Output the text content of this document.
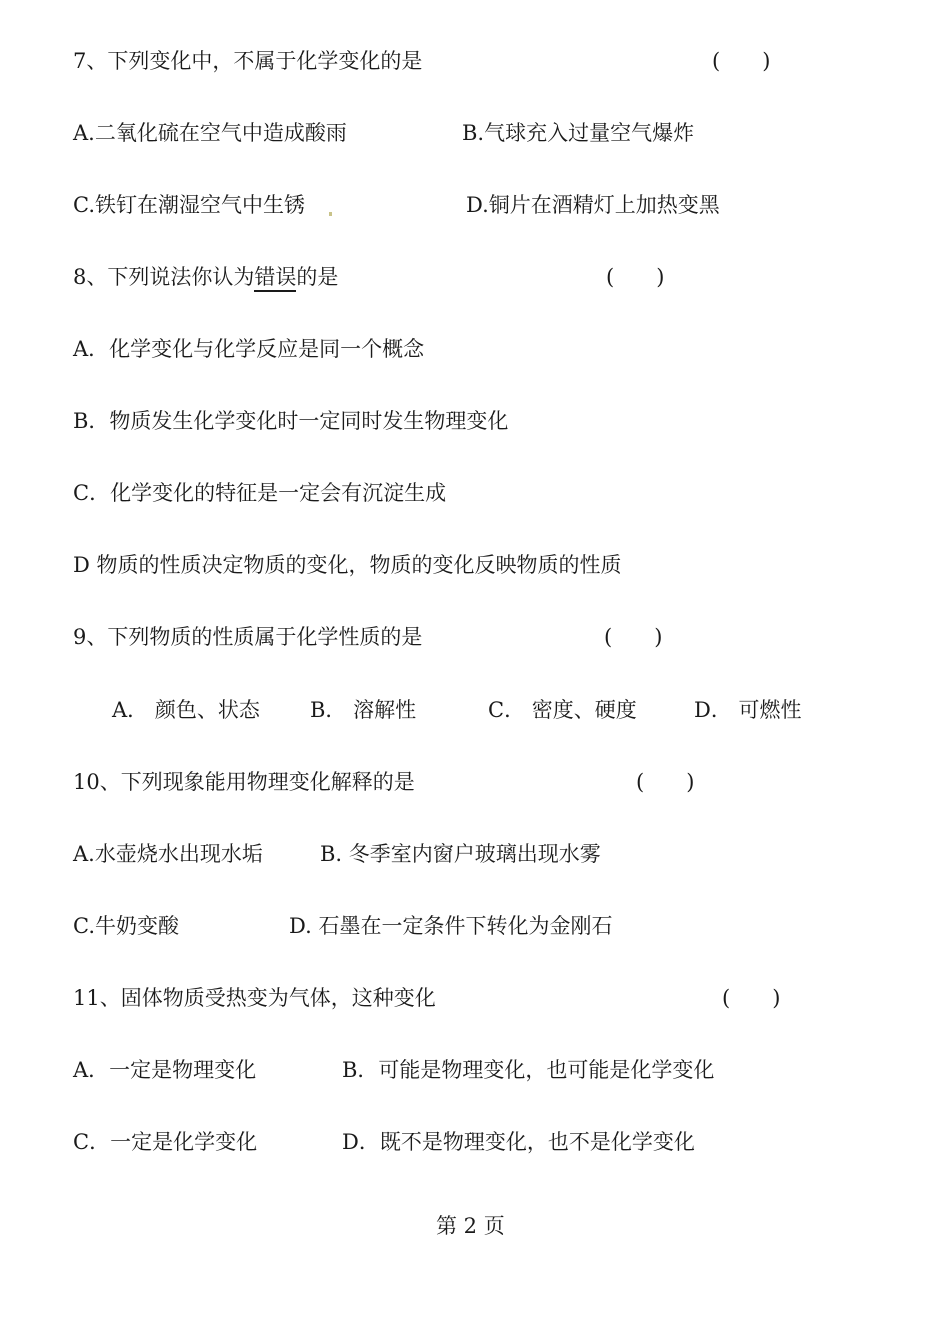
7、下列变化中，不属于化学变化的是	(　　)
A.二氧化硫在空气中造成酸雨	B.气球充入过量空气爆炸
C.铁钉在潮湿空气中生锈	D.铜片在酒精灯上加热变黑
8、下列说法你认为错误的是	(　　)
A．化学变化与化学反应是同一个概念
B．物质发生化学变化时一定同时发生物理变化
C．化学变化的特征是一定会有沉淀生成
D 物质的性质决定物质的变化，物质的变化反映物质的性质
9、下列物质的性质属于化学性质的是	(　　)
A． 颜色、状态 B． 溶解性	C． 密度、硬度	D． 可燃性
10、下列现象能用物理变化解释的是	(　　)
A.水壶烧水出现水垢	B. 冬季室内窗户玻璃出现水雾
C.牛奶变酸	D. 石墨在一定条件下转化为金刚石
11、固体物质受热变为气体，这种变化	(　　)
A．一定是物理变化	B．可能是物理变化，也可能是化学变化
C．一定是化学变化	D．既不是物理变化，也不是化学变化
第 2 页
